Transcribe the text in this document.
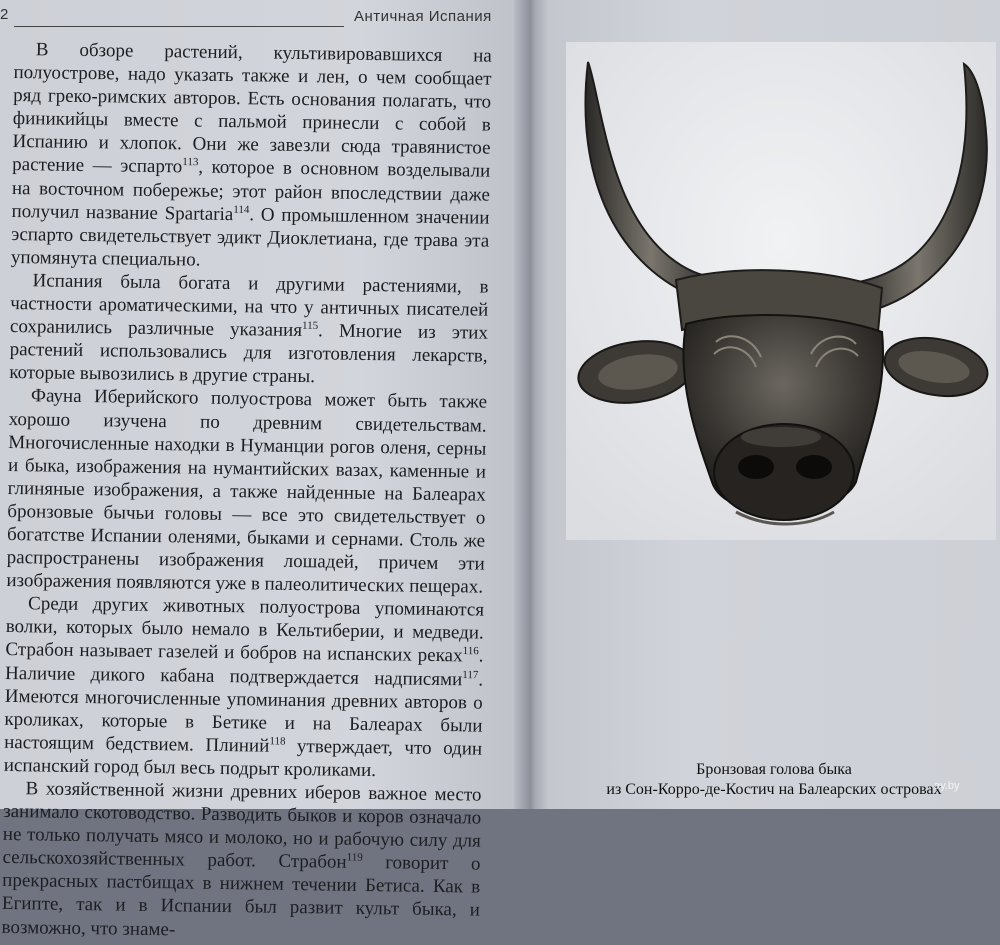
2	Античная Испания

В обзоре растений, культивировавшихся на полуострове, надо указать также и лен, о чем сообщает ряд греко-римских авторов. Есть основания полагать, что финикийцы вместе с пальмой принесли с собой в Испанию и хлопок. Они же завезли сюда травянистое растение — эспарто$^{113}$, которое в основном возделывали на восточном побережье; этот район впоследствии даже получил название Spartaria$^{114}$. О промышленном значении эспарто свидетельствует эдикт Диоклетиана, где трава эта упомянута специально.

Испания была богата и другими растениями, в частности ароматическими, на что у античных писателей сохранились различные указания$^{115}$. Многие из этих растений использовались для изготовления лекарств, которые вывозились в другие страны.

Фауна Иберийского полуострова может быть также хорошо изучена по древним свидетельствам. Многочисленные находки в Нуманции рогов оленя, серны и быка, изображения на нумантийских вазах, каменные и глиняные изображения, а также найденные на Балеарах бронзовые бычьи головы — все это свидетельствует о богатстве Испании оленями, быками и сернами. Столь же распространены изображения лошадей, причем эти изображения появляются уже в палеолитических пещерах.

Среди других животных полуострова упоминаются волки, которых было немало в Кельтиберии, и медведи. Страбон называет газелей и бобров на испанских реках$^{116}$. Наличие дикого кабана подтверждается надписями$^{117}$. Имеются многочисленные упоминания древних авторов о кроликах, которые в Бетике и на Балеарах были настоящим бедствием. Плиний$^{118}$ утверждает, что один испанский город был весь подрыт кроликами.

В хозяйственной жизни древних иберов важное место занимало скотоводство. Разводить быков и коров означало не только получать мясо и молоко, но и рабочую силу для сельскохозяйственных работ. Страбон$^{119}$ говорит о прекрасных пастбищах в нижнем течении Бетиса. Как в Египте, так и в Испании был развит культ быка, и возможно, что знаме-

Бронзовая голова быка
из Сон-Корро-де-Костич на Балеарских островах
ay.by
